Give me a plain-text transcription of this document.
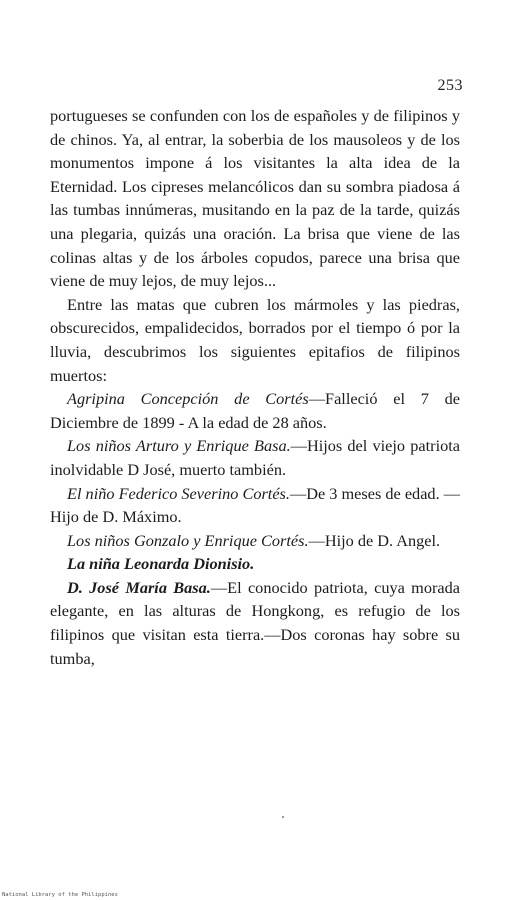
253

portugueses se confunden con los de españoles y de filipinos y de chinos. Ya, al entrar, la soberbia de los mausoleos y de los monumentos impone á los visitantes la alta idea de la Eternidad. Los cipreses melancólicos dan su sombra piadosa á las tumbas innúmeras, musitando en la paz de la tarde, quizás una plegaria, quizás una oración. La brisa que viene de las colinas altas y de los árboles copudos, parece una brisa que viene de muy lejos, de muy lejos...

Entre las matas que cubren los mármoles y las piedras, obscurecidos, empalidecidos, borrados por el tiempo ó por la lluvia, descubrimos los siguientes epitafios de filipinos muertos:

Agripina Concepción de Cortés—Falleció el 7 de Diciembre de 1899 - A la edad de 28 años.

Los niños Arturo y Enrique Basa.—Hijos del viejo patriota inolvidable D José, muerto también.

El niño Federico Severino Cortés.—De 3 meses de edad. —Hijo de D. Máximo.

Los niños Gonzalo y Enrique Cortés.—Hijo de D. Angel.

La niña Leonarda Dionisio.

D. José María Basa.—El conocido patriota, cuya morada elegante, en las alturas de Hongkong, es refugio de los filipinos que visitan esta tierra.—Dos coronas hay sobre su tumba,

National Library of the Philippines
